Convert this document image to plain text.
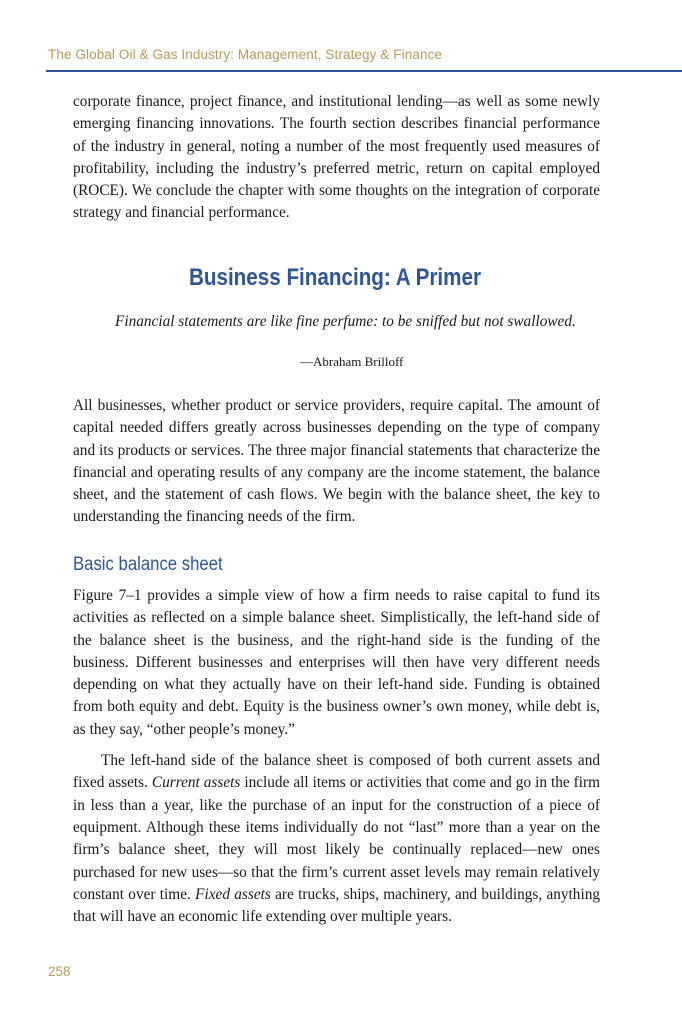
The Global Oil & Gas Industry: Management, Strategy & Finance

corporate finance, project finance, and institutional lending—as well as some newly emerging financing innovations. The fourth section describes financial performance of the industry in general, noting a number of the most frequently used measures of profitability, including the industry’s preferred metric, return on capital employed (ROCE). We conclude the chapter with some thoughts on the integration of corporate strategy and financial performance.

Business Financing: A Primer
Financial statements are like fine perfume: to be sniffed but not swallowed.
—Abraham Brilloff

All businesses, whether product or service providers, require capital. The amount of capital needed differs greatly across businesses depending on the type of company and its products or services. The three major financial statements that characterize the financial and operating results of any company are the income statement, the balance sheet, and the statement of cash flows. We begin with the balance sheet, the key to understanding the financing needs of the firm.

Basic balance sheet

Figure 7–1 provides a simple view of how a firm needs to raise capital to fund its activities as reflected on a simple balance sheet. Simplistically, the left-hand side of the balance sheet is the business, and the right-hand side is the funding of the business. Different businesses and enterprises will then have very different needs depending on what they actually have on their left-hand side. Funding is obtained from both equity and debt. Equity is the business owner’s own money, while debt is, as they say, “other people’s money.”

The left-hand side of the balance sheet is composed of both current assets and fixed assets. Current assets include all items or activities that come and go in the firm in less than a year, like the purchase of an input for the construction of a piece of equipment. Although these items individually do not “last” more than a year on the firm’s balance sheet, they will most likely be continually replaced—new ones purchased for new uses—so that the firm’s current asset levels may remain relatively constant over time. Fixed assets are trucks, ships, machinery, and buildings, anything that will have an economic life extending over multiple years.

258
